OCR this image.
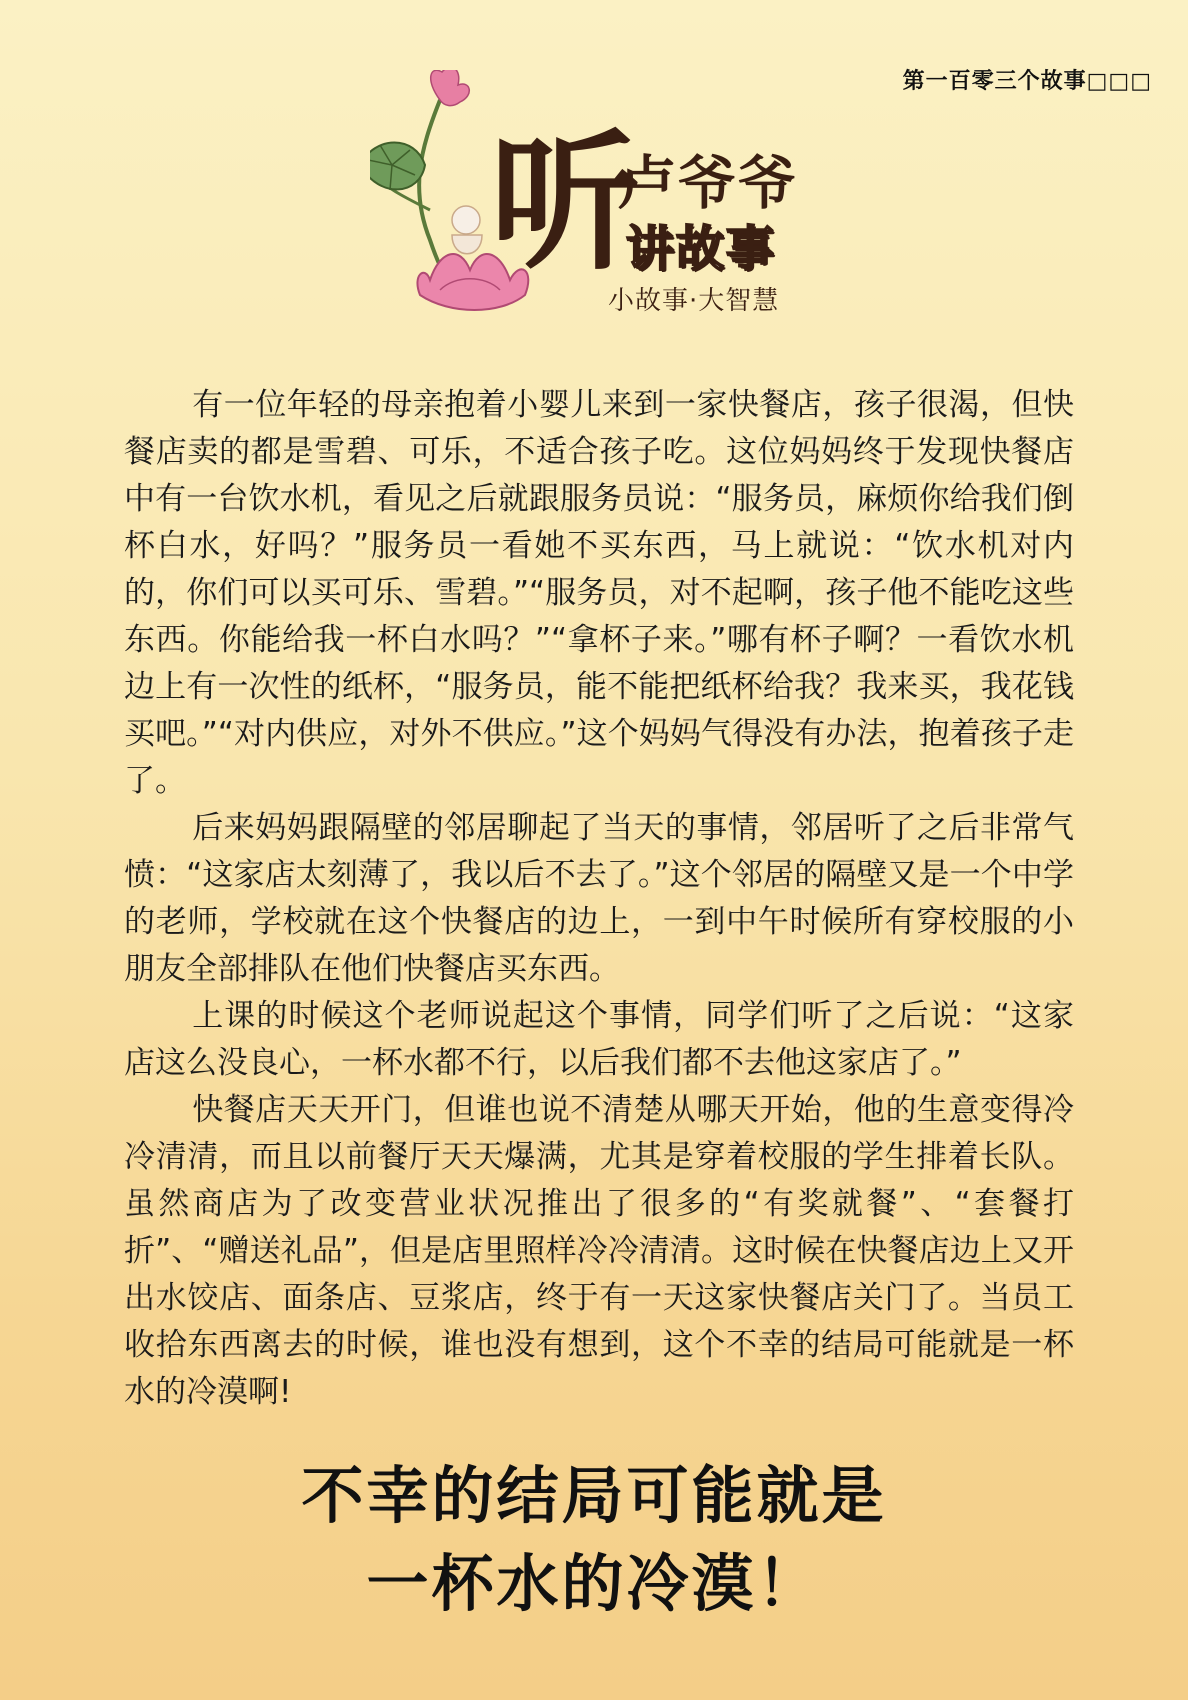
第一百零三个故事□□□
听
卢爷爷
讲故事
小故事·大智慧

有一位年轻的母亲抱着小婴儿来到一家快餐店，孩子很渴，但快餐店卖的都是雪碧、可乐，不适合孩子吃。这位妈妈终于发现快餐店中有一台饮水机，看见之后就跟服务员说：“服务员，麻烦你给我们倒杯白水，好吗？”服务员一看她不买东西，马上就说：“饮水机对内的，你们可以买可乐、雪碧。”“服务员，对不起啊，孩子他不能吃这些东西。你能给我一杯白水吗？”“拿杯子来。”哪有杯子啊？一看饮水机边上有一次性的纸杯，“服务员，能不能把纸杯给我？我来买，我花钱买吧。”“对内供应，对外不供应。”这个妈妈气得没有办法，抱着孩子走了。

后来妈妈跟隔壁的邻居聊起了当天的事情，邻居听了之后非常气愤：“这家店太刻薄了，我以后不去了。”这个邻居的隔壁又是一个中学的老师，学校就在这个快餐店的边上，一到中午时候所有穿校服的小朋友全部排队在他们快餐店买东西。

上课的时候这个老师说起这个事情，同学们听了之后说：“这家店这么没良心，一杯水都不行，以后我们都不去他这家店了。”

快餐店天天开门，但谁也说不清楚从哪天开始，他的生意变得冷冷清清，而且以前餐厅天天爆满，尤其是穿着校服的学生排着长队。虽然商店为了改变营业状况推出了很多的“有奖就餐”、“套餐打折”、“赠送礼品”，但是店里照样冷冷清清。这时候在快餐店边上又开出水饺店、面条店、豆浆店，终于有一天这家快餐店关门了。当员工收拾东西离去的时候，谁也没有想到，这个不幸的结局可能就是一杯水的冷漠啊!

不幸的结局可能就是
一杯水的冷漠！
